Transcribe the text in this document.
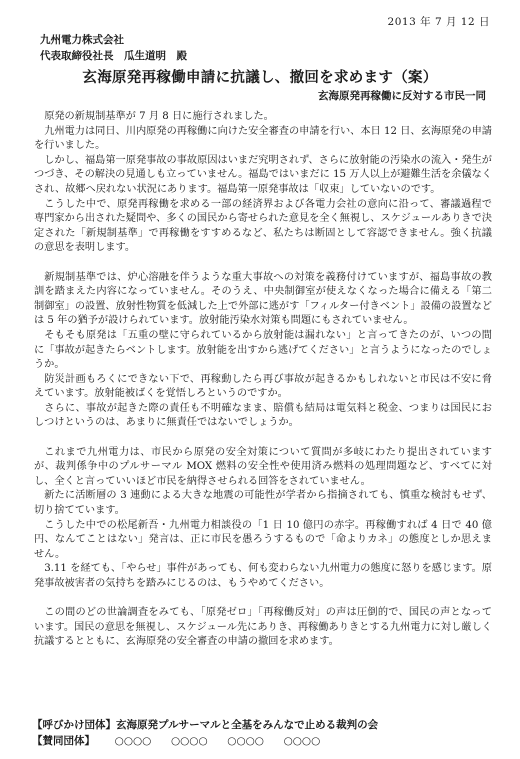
2013 年 7 月 12 日
九州電力株式会社
代表取締役社長　瓜生道明　殿
玄海原発再稼働申請に抗議し、撤回を求めます（案）
玄海原発再稼働に反対する市民一同

原発の新規制基準が 7 月 8 日に施行されました。

九州電力は同日、川内原発の再稼働に向けた安全審査の申請を行い、本日 12 日、玄海原発の申請を行いました。

しかし、福島第一原発事故の事故原因はいまだ究明されず、さらに放射能の汚染水の流入・発生がつづき、その解決の見通しも立っていません。福島ではいまだに 15 万人以上が避難生活を余儀なくされ、故郷へ戻れない状況にあります。福島第一原発事故は「収束」していないのです。

こうした中で、原発再稼働を求める一部の経済界および各電力会社の意向に沿って、審議過程で専門家から出された疑問や、多くの国民から寄せられた意見を全く無視し、スケジュールありきで決定された「新規制基準」で再稼働をすすめるなど、私たちは断固として容認できません。強く抗議の意思を表明します。

新規制基準では、炉心溶融を伴うような重大事故への対策を義務付けていますが、福島事故の教訓を踏まえた内容になっていません。そのうえ、中央制御室が使えなくなった場合に備える「第二制御室」の設置、放射性物質を低減した上で外部に逃がす「フィルター付きベント」設備の設置などは 5 年の猶予が設けられています。放射能汚染水対策も問題にもされていません。

そもそも原発は「五重の壁に守られているから放射能は漏れない」と言ってきたのが、いつの間に「事故が起きたらベントします。放射能を出すから逃げてください」と言うようになったのでしょうか。

防災計画もろくにできない下で、再稼動したら再び事故が起きるかもしれないと市民は不安に脅えています。放射能被ばくを覚悟しろというのですか。

さらに、事故が起きた際の責任も不明確なまま、賠償も結局は電気料と税金、つまりは国民におしつけというのは、あまりに無責任ではないでしょうか。

これまで九州電力は、市民から原発の安全対策について質問が多岐にわたり提出されていますが、裁判係争中のプルサーマル MOX 燃料の安全性や使用済み燃料の処理問題など、すべてに対し、全くと言っていいほど市民を納得させられる回答をされていません。

新たに活断層の 3 連動による大きな地震の可能性が学者から指摘されても、慎重な検討もせず、切り捨てています。

こうした中での松尾新吾・九州電力相談役の「1 日 10 億円の赤字。再稼働すれば 4 日で 40 億円、なんてことはない」発言は、正に市民を愚ろうするもので「命よりカネ」の態度としか思えません。

3.11 を経ても、「やらせ」事件があっても、何も変わらない九州電力の態度に怒りを感じます。原発事故被害者の気持ちを踏みにじるのは、もうやめてください。

この間のどの世論調査をみても、「原発ゼロ」「再稼働反対」の声は圧倒的で、国民の声となっています。国民の意思を無視し、スケジュール先にありき、再稼働ありきとする九州電力に対し厳しく抗議するとともに、玄海原発の安全審査の申請の撤回を求めます。

【呼びかけ団体】玄海原発プルサーマルと全基をみんなで止める裁判の会
【賛同団体】 ○○○○ ○○○○ ○○○○ ○○○○
